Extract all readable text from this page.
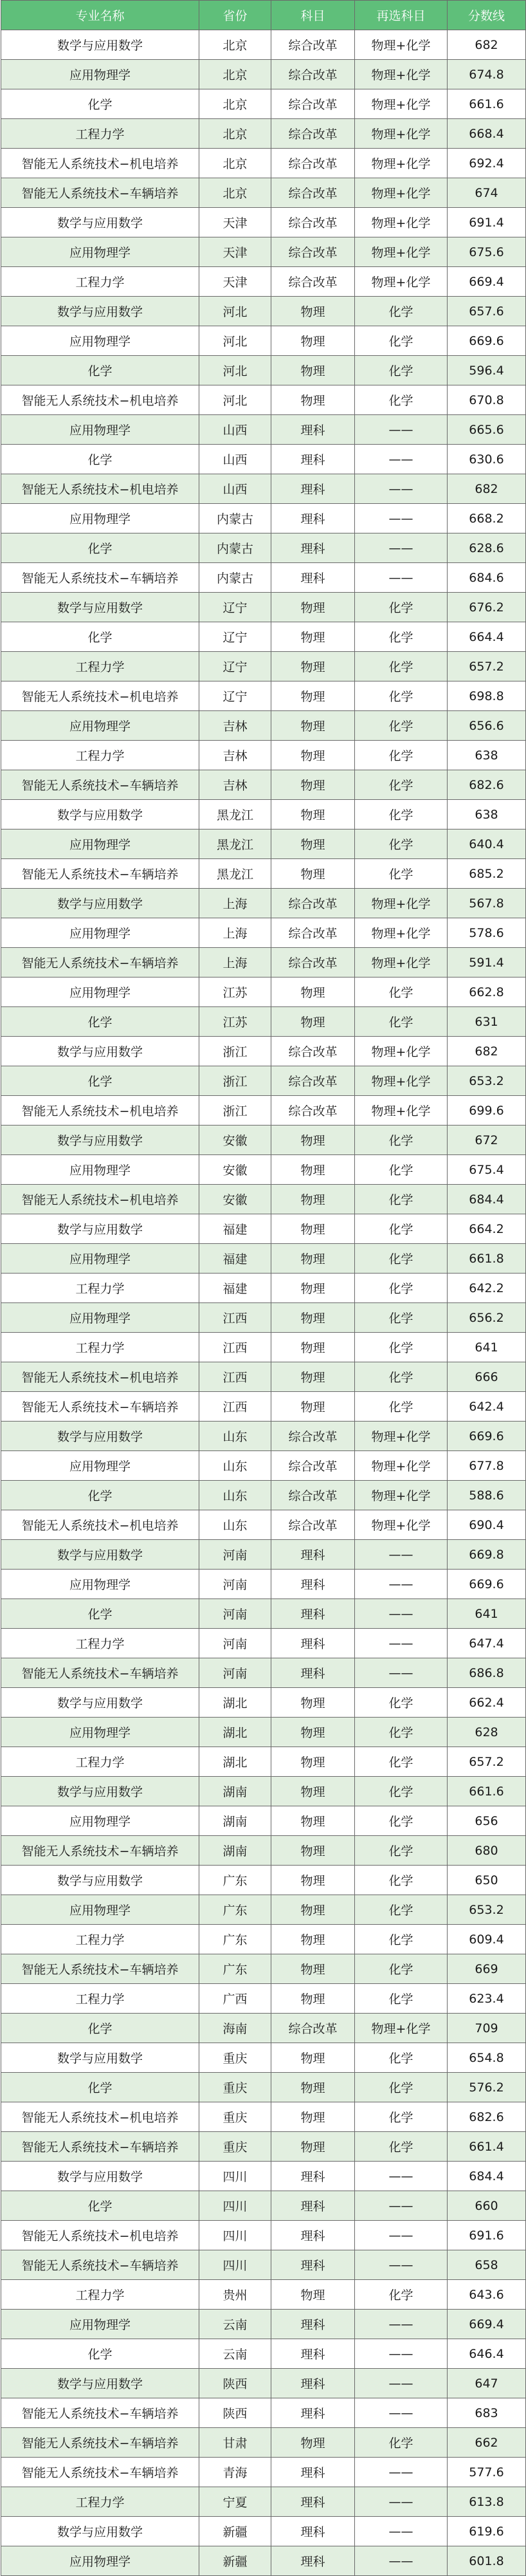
专业名称	省份	科目	再选科目	分数线
数学与应用数学	北京	综合改革	物理+化学	682
应用物理学	北京	综合改革	物理+化学	674.8
化学	北京	综合改革	物理+化学	661.6
工程力学	北京	综合改革	物理+化学	668.4
智能无人系统技术−机电培养	北京	综合改革	物理+化学	692.4
智能无人系统技术−车辆培养	北京	综合改革	物理+化学	674
数学与应用数学	天津	综合改革	物理+化学	691.4
应用物理学	天津	综合改革	物理+化学	675.6
工程力学	天津	综合改革	物理+化学	669.4
数学与应用数学	河北	物理	化学	657.6
应用物理学	河北	物理	化学	669.6
化学	河北	物理	化学	596.4
智能无人系统技术−机电培养	河北	物理	化学	670.8
应用物理学	山西	理科	——	665.6
化学	山西	理科	——	630.6
智能无人系统技术−机电培养	山西	理科	——	682
应用物理学	内蒙古	理科	——	668.2
化学	内蒙古	理科	——	628.6
智能无人系统技术−车辆培养	内蒙古	理科	——	684.6
数学与应用数学	辽宁	物理	化学	676.2
化学	辽宁	物理	化学	664.4
工程力学	辽宁	物理	化学	657.2
智能无人系统技术−机电培养	辽宁	物理	化学	698.8
应用物理学	吉林	物理	化学	656.6
工程力学	吉林	物理	化学	638
智能无人系统技术−车辆培养	吉林	物理	化学	682.6
数学与应用数学	黑龙江	物理	化学	638
应用物理学	黑龙江	物理	化学	640.4
智能无人系统技术−车辆培养	黑龙江	物理	化学	685.2
数学与应用数学	上海	综合改革	物理+化学	567.8
应用物理学	上海	综合改革	物理+化学	578.6
智能无人系统技术−车辆培养	上海	综合改革	物理+化学	591.4
应用物理学	江苏	物理	化学	662.8
化学	江苏	物理	化学	631
数学与应用数学	浙江	综合改革	物理+化学	682
化学	浙江	综合改革	物理+化学	653.2
智能无人系统技术−机电培养	浙江	综合改革	物理+化学	699.6
数学与应用数学	安徽	物理	化学	672
应用物理学	安徽	物理	化学	675.4
智能无人系统技术−机电培养	安徽	物理	化学	684.4
数学与应用数学	福建	物理	化学	664.2
应用物理学	福建	物理	化学	661.8
工程力学	福建	物理	化学	642.2
应用物理学	江西	物理	化学	656.2
工程力学	江西	物理	化学	641
智能无人系统技术−机电培养	江西	物理	化学	666
智能无人系统技术−车辆培养	江西	物理	化学	642.4
数学与应用数学	山东	综合改革	物理+化学	669.6
应用物理学	山东	综合改革	物理+化学	677.8
化学	山东	综合改革	物理+化学	588.6
智能无人系统技术−机电培养	山东	综合改革	物理+化学	690.4
数学与应用数学	河南	理科	——	669.8
应用物理学	河南	理科	——	669.6
化学	河南	理科	——	641
工程力学	河南	理科	——	647.4
智能无人系统技术−车辆培养	河南	理科	——	686.8
数学与应用数学	湖北	物理	化学	662.4
应用物理学	湖北	物理	化学	628
工程力学	湖北	物理	化学	657.2
数学与应用数学	湖南	物理	化学	661.6
应用物理学	湖南	物理	化学	656
智能无人系统技术−车辆培养	湖南	物理	化学	680
数学与应用数学	广东	物理	化学	650
应用物理学	广东	物理	化学	653.2
工程力学	广东	物理	化学	609.4
智能无人系统技术−车辆培养	广东	物理	化学	669
工程力学	广西	物理	化学	623.4
化学	海南	综合改革	物理+化学	709
数学与应用数学	重庆	物理	化学	654.8
化学	重庆	物理	化学	576.2
智能无人系统技术−机电培养	重庆	物理	化学	682.6
智能无人系统技术−车辆培养	重庆	物理	化学	661.4
数学与应用数学	四川	理科	——	684.4
化学	四川	理科	——	660
智能无人系统技术−机电培养	四川	理科	——	691.6
智能无人系统技术−车辆培养	四川	理科	——	658
工程力学	贵州	物理	化学	643.6
应用物理学	云南	理科	——	669.4
化学	云南	理科	——	646.4
数学与应用数学	陕西	理科	——	647
智能无人系统技术−车辆培养	陕西	理科	——	683
智能无人系统技术−车辆培养	甘肃	物理	化学	662
智能无人系统技术−车辆培养	青海	理科	——	577.6
工程力学	宁夏	理科	——	613.8
数学与应用数学	新疆	理科	——	619.6
应用物理学	新疆	理科	——	601.8
